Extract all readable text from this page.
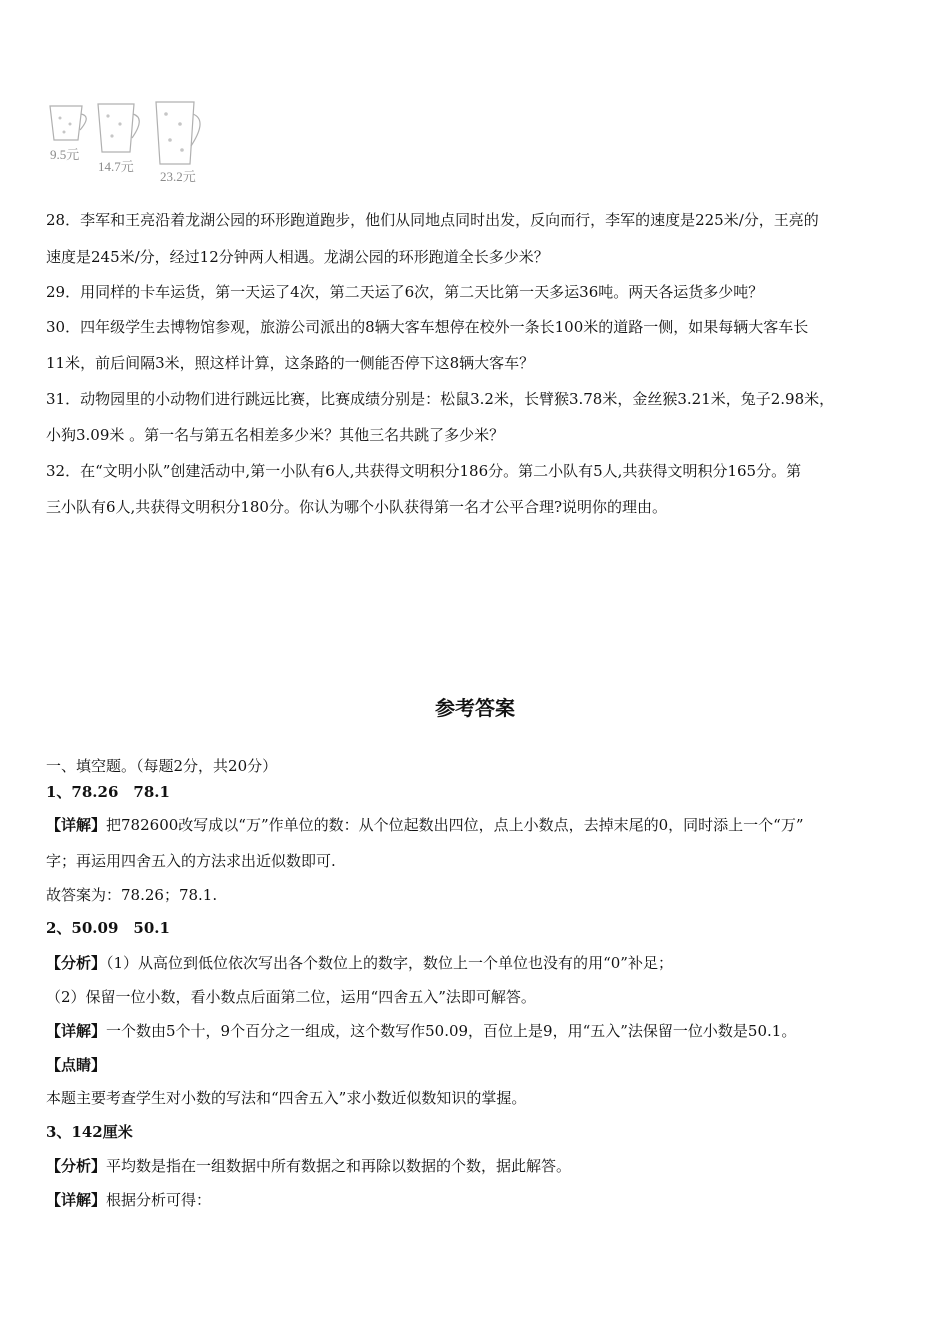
9.5元
14.7元
23.2元
28．李军和王亮沿着龙湖公园的环形跑道跑步，他们从同地点同时出发，反向而行，李军的速度是225米/分，王亮的
速度是245米/分，经过12分钟两人相遇。龙湖公园的环形跑道全长多少米？
29．用同样的卡车运货，第一天运了4次，第二天运了6次，第二天比第一天多运36吨。两天各运货多少吨？
30．四年级学生去博物馆参观，旅游公司派出的8辆大客车想停在校外一条长100米的道路一侧，如果每辆大客车长
11米，前后间隔3米，照这样计算，这条路的一侧能否停下这8辆大客车？
31．动物园里的小动物们进行跳远比赛，比赛成绩分别是：松鼠3.2米，长臂猴3.78米，金丝猴3.21米，兔子2.98米，
小狗3.09米 。第一名与第五名相差多少米？其他三名共跳了多少米？
32．在“文明小队”创建活动中,第一小队有6人,共获得文明积分186分。第二小队有5人,共获得文明积分165分。第
三小队有6人,共获得文明积分180分。你认为哪个小队获得第一名才公平合理?说明你的理由。
参考答案
一、填空题。（每题2分，共20分）
1、78.26　78.1
【详解】把782600改写成以“万”作单位的数：从个位起数出四位，点上小数点，去掉末尾的0，同时添上一个“万”
字；再运用四舍五入的方法求出近似数即可.
故答案为：78.26；78.1.
2、50.09　50.1
【分析】（1）从高位到低位依次写出各个数位上的数字，数位上一个单位也没有的用“0”补足；
（2）保留一位小数，看小数点后面第二位，运用“四舍五入”法即可解答。
【详解】一个数由5个十，9个百分之一组成，这个数写作50.09，百位上是9，用“五入”法保留一位小数是50.1。
【点睛】
本题主要考查学生对小数的写法和“四舍五入”求小数近似数知识的掌握。
3、142厘米
【分析】平均数是指在一组数据中所有数据之和再除以数据的个数，据此解答。
【详解】根据分析可得：
